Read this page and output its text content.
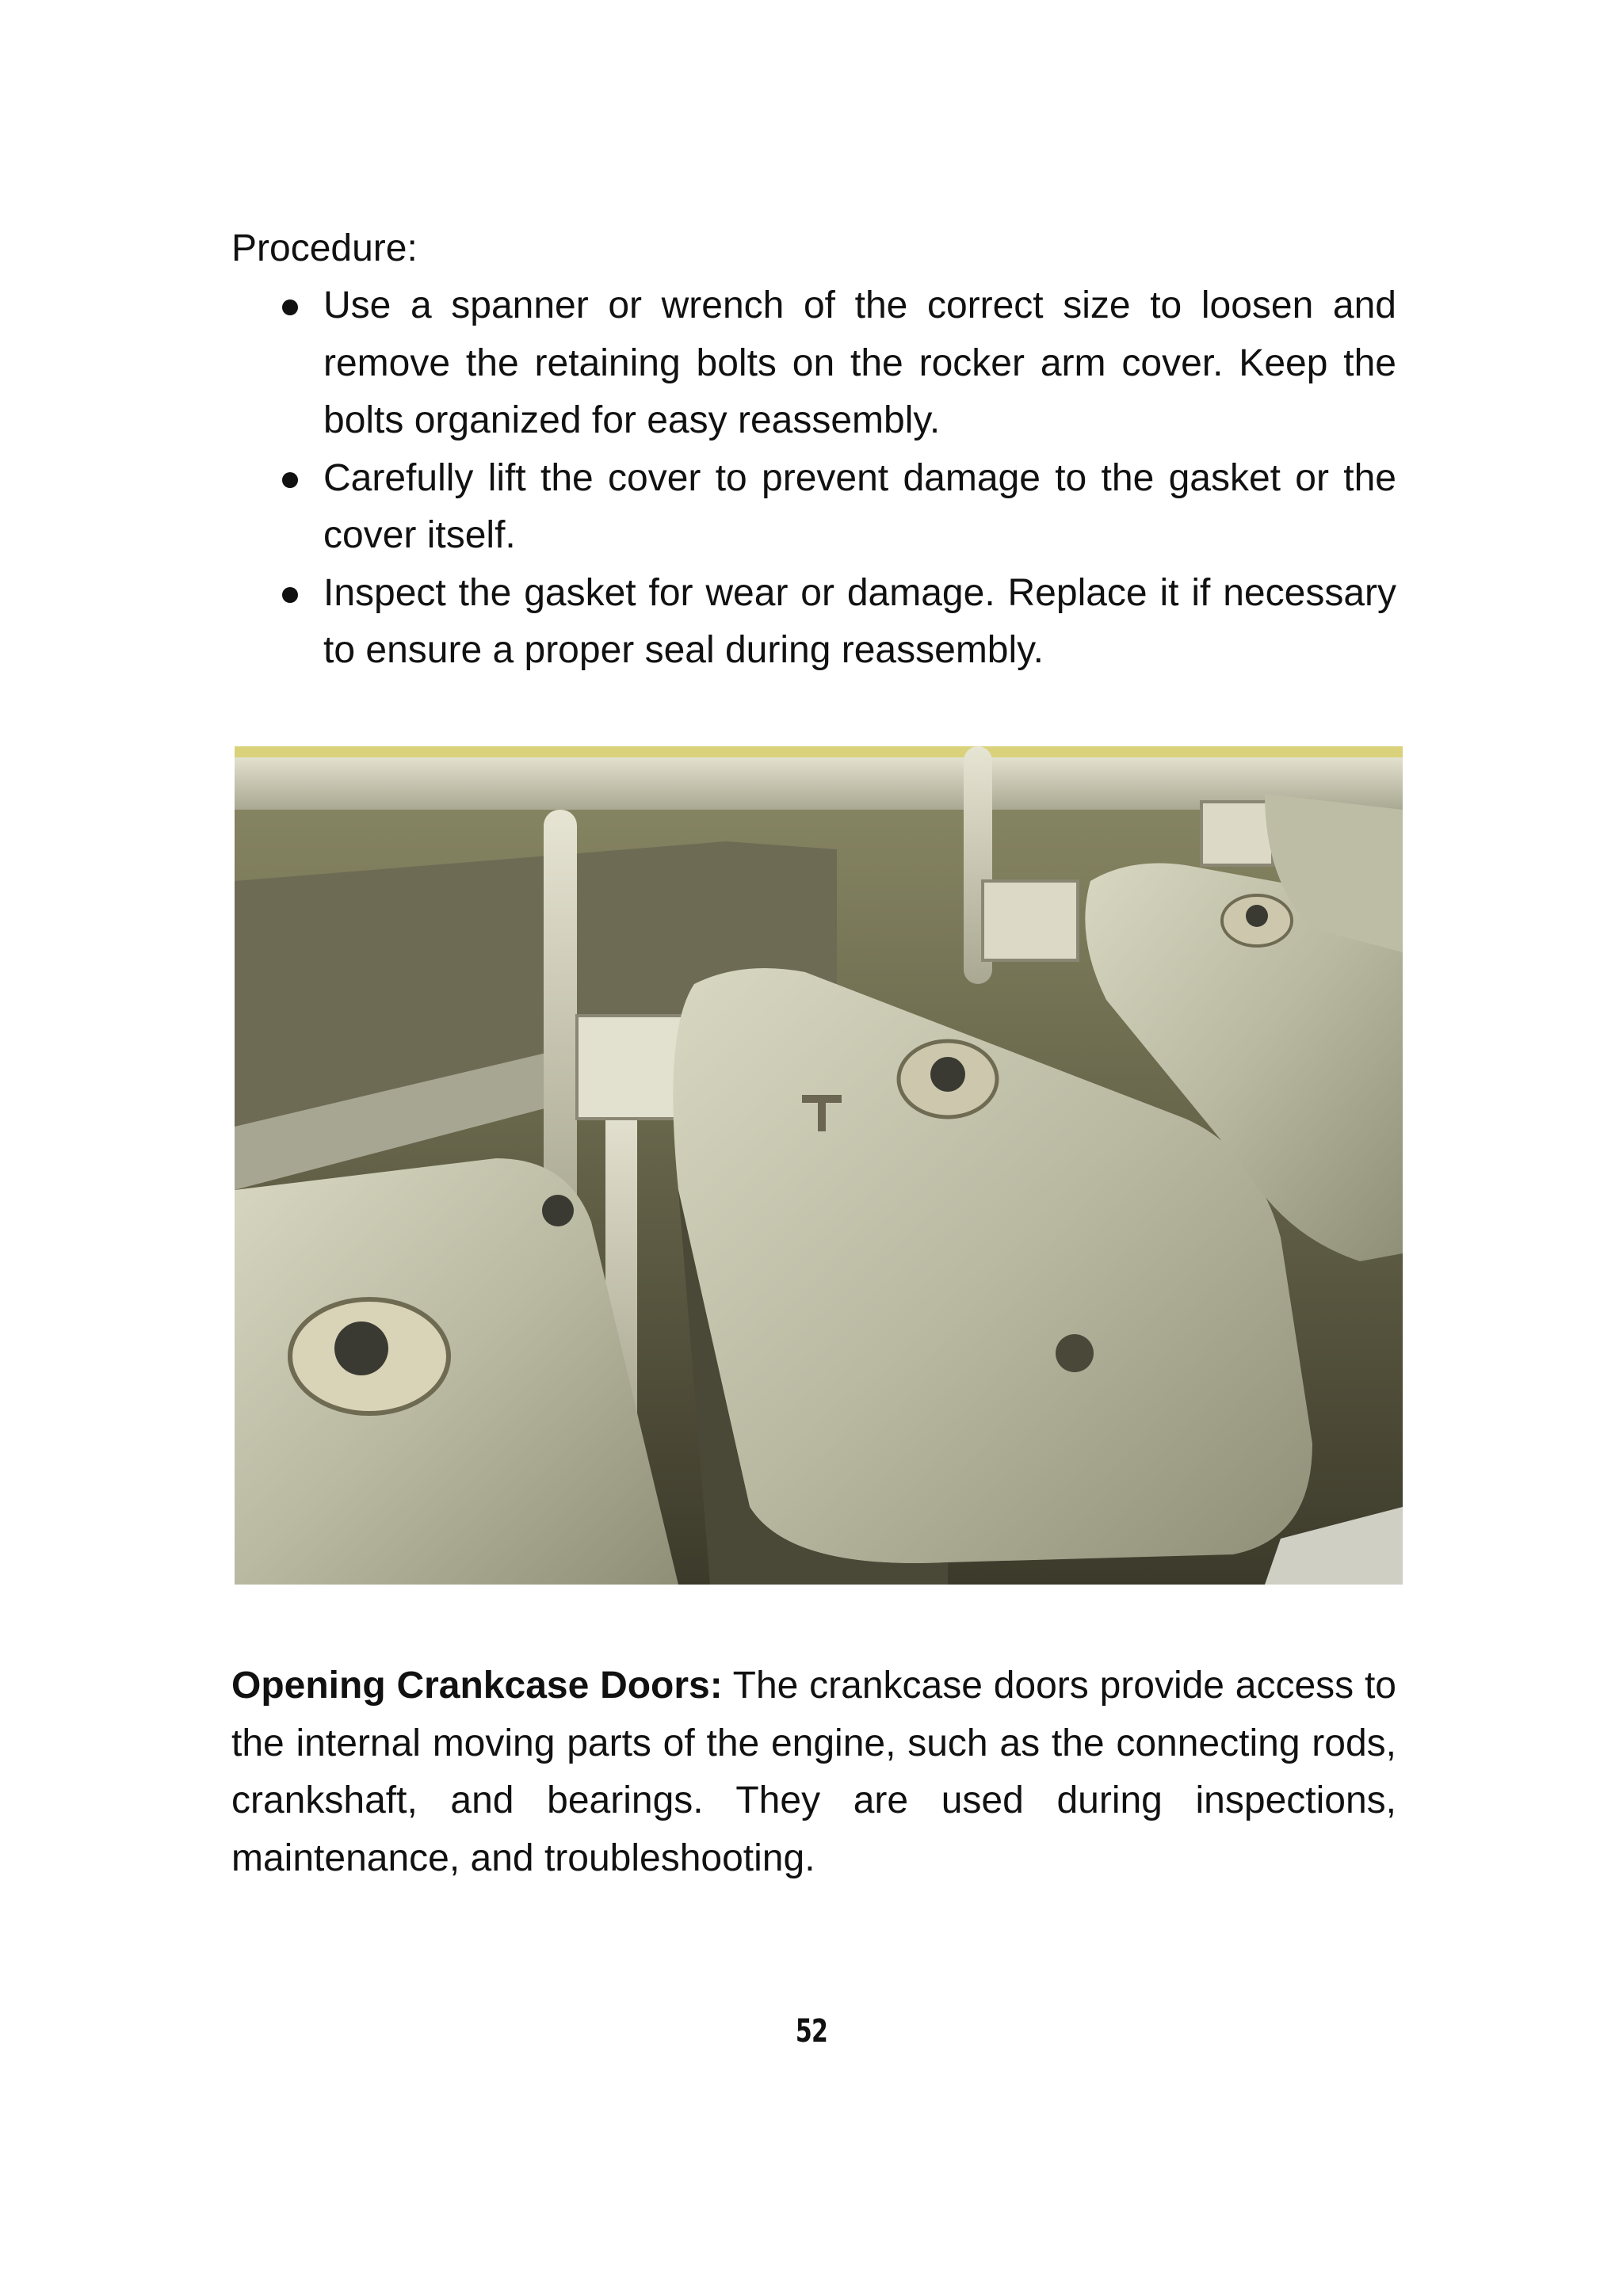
Procedure:

Use a spanner or wrench of the correct size to loosen and remove the retaining bolts on the rocker arm cover. Keep the bolts organized for easy reassembly.
Carefully lift the cover to prevent damage to the gasket or the cover itself.
Inspect the gasket for wear or damage. Replace it if necessary to ensure a proper seal during reassembly.

Opening Crankcase Doors: The crankcase doors provide access to the internal moving parts of the engine, such as the connecting rods, crankshaft, and bearings. They are used during inspections, maintenance, and troubleshooting.

52
